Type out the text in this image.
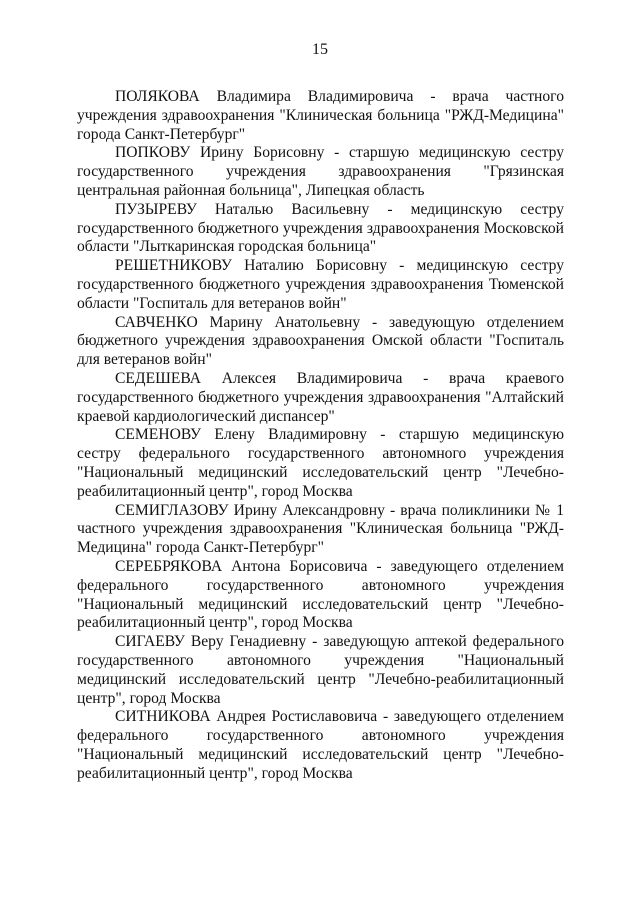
15

ПОЛЯКОВА Владимира Владимировича - врача частного учреждения здравоохранения "Клиническая больница "РЖД-Медицина" города Санкт-Петербург"

ПОПКОВУ Ирину Борисовну - старшую медицинскую сестру государственного учреждения здравоохранения "Грязинская центральная районная больница", Липецкая область

ПУЗЫРЕВУ Наталью Васильевну - медицинскую сестру государственного бюджетного учреждения здравоохранения Московской области "Лыткаринская городская больница"

РЕШЕТНИКОВУ Наталию Борисовну - медицинскую сестру государственного бюджетного учреждения здравоохранения Тюменской области "Госпиталь для ветеранов войн"

САВЧЕНКО Марину Анатольевну - заведующую отделением бюджетного учреждения здравоохранения Омской области "Госпиталь для ветеранов войн"

СЕДЕШЕВА Алексея Владимировича - врача краевого государственного бюджетного учреждения здравоохранения "Алтайский краевой кардиологический диспансер"

СЕМЕНОВУ Елену Владимировну - старшую медицинскую сестру федерального государственного автономного учреждения "Национальный медицинский исследовательский центр "Лечебно-реабилитационный центр", город Москва

СЕМИГЛАЗОВУ Ирину Александровну - врача поликлиники № 1 частного учреждения здравоохранения "Клиническая больница "РЖД-Медицина" города Санкт-Петербург"

СЕРЕБРЯКОВА Антона Борисовича - заведующего отделением федерального государственного автономного учреждения "Национальный медицинский исследовательский центр "Лечебно-реабилитационный центр", город Москва

СИГАЕВУ Веру Генадиевну - заведующую аптекой федерального государственного автономного учреждения "Национальный медицинский исследовательский центр "Лечебно-реабилитационный центр", город Москва

СИТНИКОВА Андрея Ростиславовича - заведующего отделением федерального государственного автономного учреждения "Национальный медицинский исследовательский центр "Лечебно-реабилитационный центр", город Москва
